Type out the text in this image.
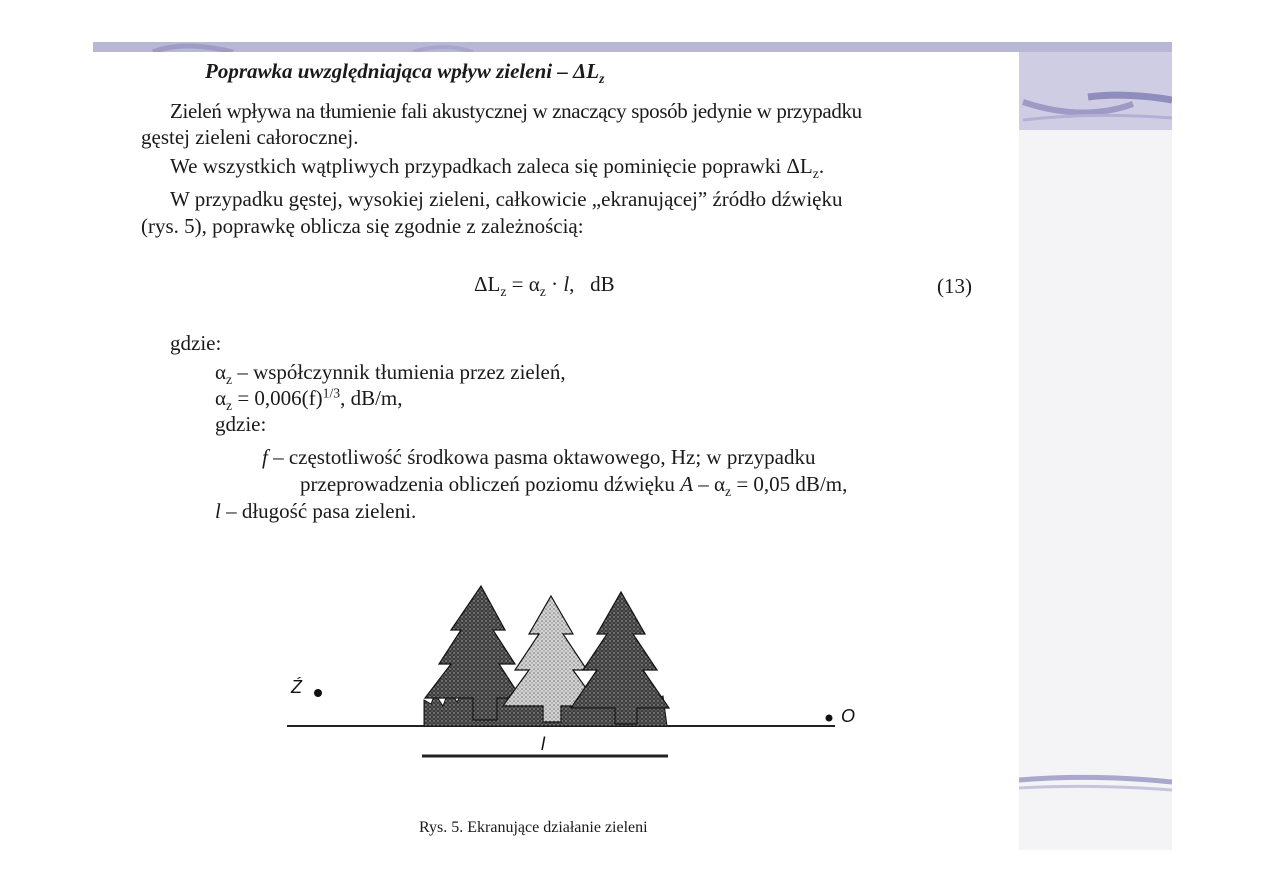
Poprawka uwzględniająca wpływ zieleni – $\Delta L_z$
Zieleń wpływa na tłumienie fali akustycznej w znaczący sposób jedynie w przypadku
gęstej zieleni całorocznej.
We wszystkich wątpliwych przypadkach zaleca się pominięcie poprawki $\Delta L_z$.
W przypadku gęstej, wysokiej zieleni, całkowicie „ekranującej” źródło dźwięku
(rys. 5), poprawkę oblicza się zgodnie z zależnością:
$\Delta L_z = \alpha_z \cdot l$,   dB	(13)
gdzie:
$\alpha_z$ – współczynnik tłumienia przez zieleń,
$\alpha_z = 0,006(f)^{1/3}$, dB/m,
gdzie:
f – częstotliwość środkowa pasma oktawowego, Hz; w przypadku
przeprowadzenia obliczeń poziomu dźwięku $A - \alpha_z = 0,05$ dB/m,
l – długość pasa zieleni.
Ź
O
l
Rys. 5. Ekranujące działanie zieleni
